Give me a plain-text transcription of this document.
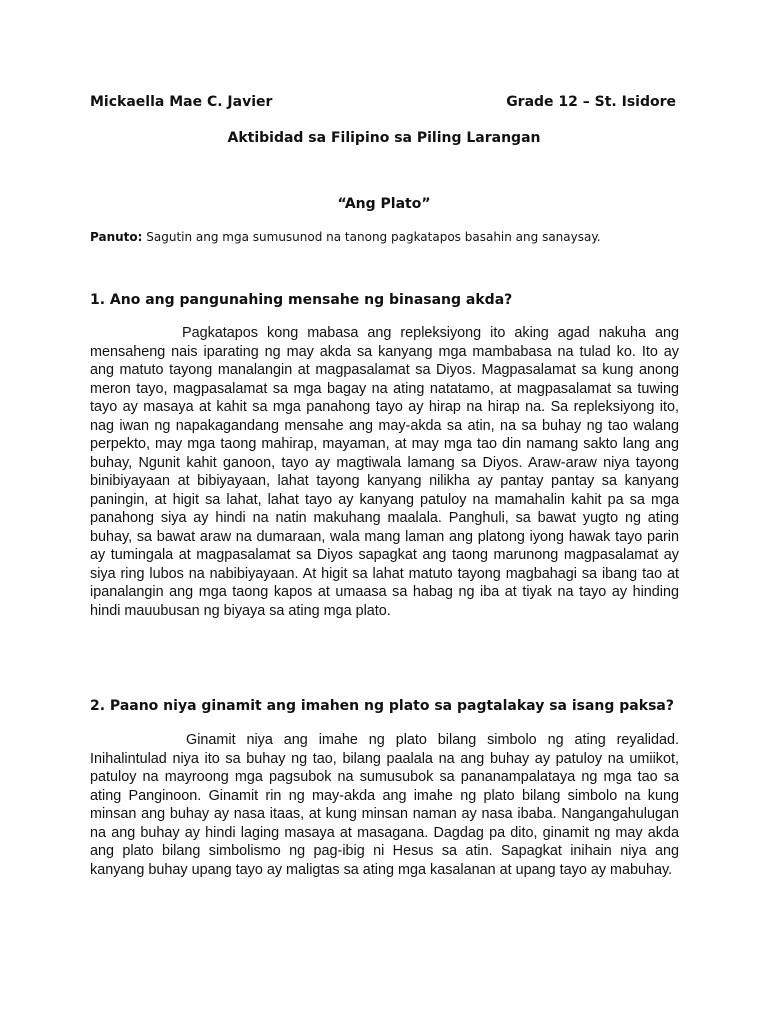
Mickaella Mae C. Javier	Grade 12 – St. Isidore
Aktibidad sa Filipino sa Piling Larangan
“Ang Plato”
Panuto: Sagutin ang mga sumusunod na tanong pagkatapos basahin ang sanaysay.
1. Ano ang pangunahing mensahe ng binasang akda?

Pagkatapos kong mabasa ang repleksiyong ito aking agad nakuha ang mensaheng nais iparating ng may akda sa kanyang mga mambabasa na tulad ko. Ito ay ang matuto tayong manalangin at magpasalamat sa Diyos. Magpasalamat sa kung anong meron tayo, magpasalamat sa mga bagay na ating natatamo, at magpasalamat sa tuwing tayo ay masaya at kahit sa mga panahong tayo ay hirap na hirap na. Sa repleksiyong ito, nag iwan ng napakagandang mensahe ang may-akda sa atin, na sa buhay ng tao walang perpekto, may mga taong mahirap, mayaman, at may mga tao din namang sakto lang ang buhay, Ngunit kahit ganoon, tayo ay magtiwala lamang sa Diyos. Araw-araw niya tayong binibiyayaan at bibiyayaan, lahat tayong kanyang nilikha ay pantay pantay sa kanyang paningin, at higit sa lahat, lahat tayo ay kanyang patuloy na mamahalin kahit pa sa mga panahong siya ay hindi na natin makuhang maalala. Panghuli, sa bawat yugto ng ating buhay, sa bawat araw na dumaraan, wala mang laman ang platong iyong hawak tayo parin ay tumingala at magpasalamat sa Diyos sapagkat ang taong marunong magpasalamat ay siya ring lubos na nabibiyayaan. At higit sa lahat matuto tayong magbahagi sa ibang tao at ipanalangin ang mga taong kapos at umaasa sa habag ng iba at tiyak na tayo ay hinding hindi mauubusan ng biyaya sa ating mga plato.

2. Paano niya ginamit ang imahen ng plato sa pagtalakay sa isang paksa?

Ginamit niya ang imahe ng plato bilang simbolo ng ating reyalidad. Inihalintulad niya ito sa buhay ng tao, bilang paalala na ang buhay ay patuloy na umiikot, patuloy na mayroong mga pagsubok na sumusubok sa pananampalataya ng mga tao sa ating Panginoon. Ginamit rin ng may-akda ang imahe ng plato bilang simbolo na kung minsan ang buhay ay nasa itaas, at kung minsan naman ay nasa ibaba. Nangangahulugan na ang buhay ay hindi laging masaya at masagana. Dagdag pa dito, ginamit ng may akda ang plato bilang simbolismo ng pag-ibig ni Hesus sa atin. Sapagkat inihain niya ang kanyang buhay upang tayo ay maligtas sa ating mga kasalanan at upang tayo ay mabuhay.
